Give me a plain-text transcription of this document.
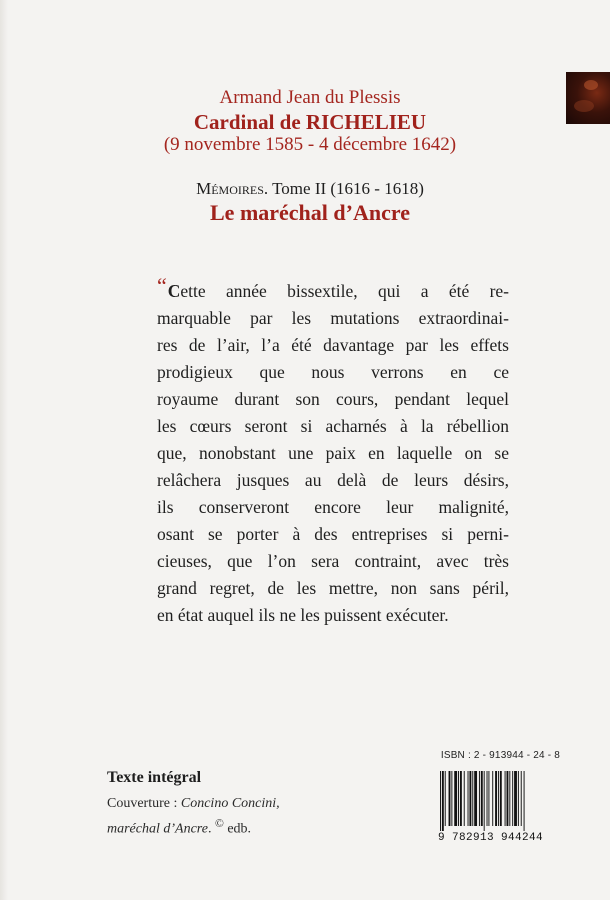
Armand Jean du Plessis
Cardinal de RICHELIEU
(9 novembre 1585 - 4 décembre 1642)
Mémoires. Tome II (1616 - 1618)
Le maréchal d’Ancre
“Cette année bissextile, qui a été re-
marquable par les mutations extraordinai-
res de l’air, l’a été davantage par les effets
prodigieux que nous verrons en ce
royaume durant son cours, pendant lequel
les cœurs seront si acharnés à la rébellion
que, nonobstant une paix en laquelle on se
relâchera jusques au delà de leurs désirs,
ils conserveront encore leur malignité,
osant se porter à des entreprises si perni-
cieuses, que l’on sera contraint, avec très
grand regret, de les mettre, non sans péril,
en état auquel ils ne les puissent exécuter.
Texte intégral
Couverture : Concino Concini,
maréchal d’Ancre. © edb.
ISBN : 2 - 913944 - 24 - 8
9 782913 944244
